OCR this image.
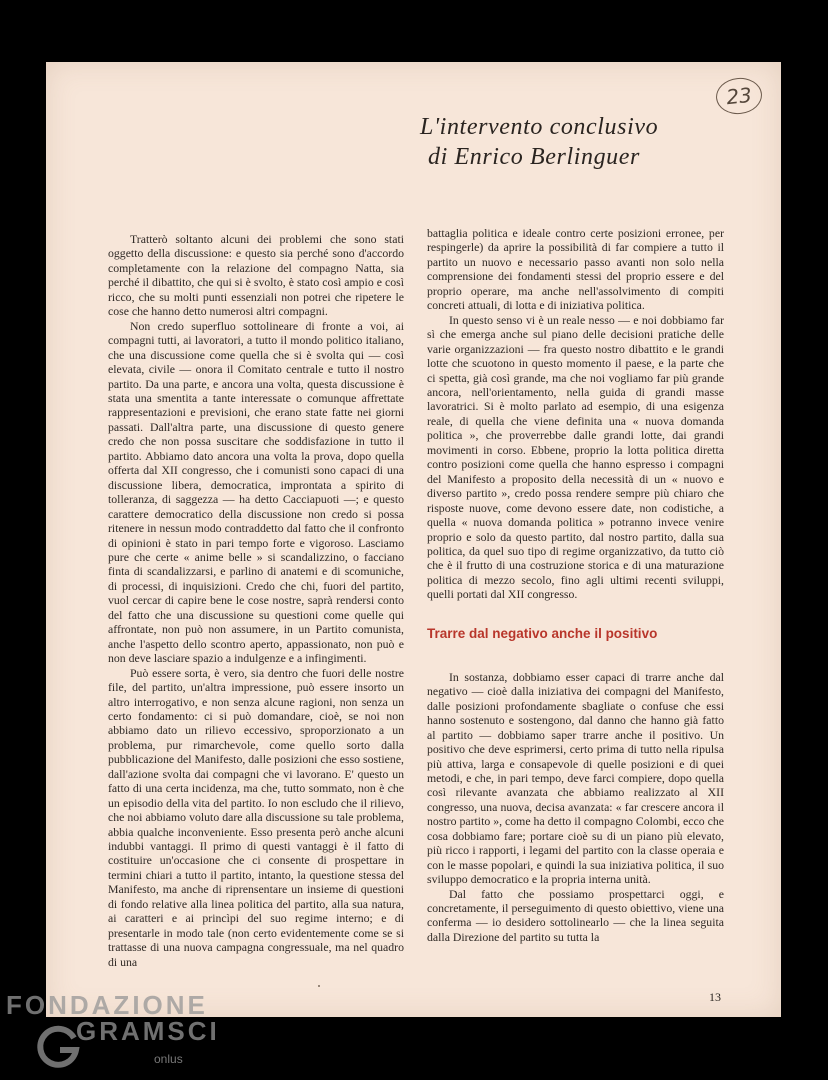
23
L'intervento conclusivo

di Enrico Berlinguer

Tratterò soltanto alcuni dei problemi che sono stati oggetto della discussione: e questo sia perché sono d'accordo completamente con la relazione del compagno Natta, sia perché il dibattito, che qui si è svolto, è stato così ampio e così ricco, che su molti punti essenziali non potrei che ripetere le cose che hanno detto numerosi altri compagni.

Non credo superfluo sottolineare di fronte a voi, ai compagni tutti, ai lavoratori, a tutto il mondo politico italiano, che una discussione come quella che si è svolta qui — così elevata, civile — onora il Comitato centrale e tutto il nostro partito. Da una parte, e ancora una volta, questa discussione è stata una smentita a tante interessate o comunque affrettate rappresentazioni e previsioni, che erano state fatte nei giorni passati. Dall'altra parte, una discussione di questo genere credo che non possa suscitare che soddisfazione in tutto il partito. Abbiamo dato ancora una volta la prova, dopo quella offerta dal XII congresso, che i comunisti sono capaci di una discussione libera, democratica, improntata a spirito di tolleranza, di saggezza — ha detto Cacciapuoti —; e questo carattere democratico della discussione non credo si possa ritenere in nessun modo contraddetto dal fatto che il confronto di opinioni è stato in pari tempo forte e vigoroso. Lasciamo pure che certe « anime belle » si scandalizzino, o facciano finta di scandalizzarsi, e parlino di anatemi e di scomuniche, di processi, di inquisizioni. Credo che chi, fuori del partito, vuol cercar di capire bene le cose nostre, saprà rendersi conto del fatto che una discussione su questioni come quelle qui affrontate, non può non assumere, in un Partito comunista, anche l'aspetto dello scontro aperto, appassionato, non può e non deve lasciare spazio a indulgenze e a infingimenti.

Può essere sorta, è vero, sia dentro che fuori delle nostre file, del partito, un'altra impressione, può essere insorto un altro interrogativo, e non senza alcune ragioni, non senza un certo fondamento: ci si può domandare, cioè, se noi non abbiamo dato un rilievo eccessivo, sproporzionato a un problema, pur rimarchevole, come quello sorto dalla pubblicazione del Manifesto, dalle posizioni che esso sostiene, dall'azione svolta dai compagni che vi lavorano. E' questo un fatto di una certa incidenza, ma che, tutto sommato, non è che un episodio della vita del partito. Io non escludo che il rilievo, che noi abbiamo voluto dare alla discussione su tale problema, abbia qualche inconveniente. Esso presenta però anche alcuni indubbi vantaggi. Il primo di questi vantaggi è il fatto di costituire un'occasione che ci consente di prospettare in termini chiari a tutto il partito, intanto, la questione stessa del Manifesto, ma anche di riprensentare un insieme di questioni di fondo relative alla linea politica del partito, alla sua natura, ai caratteri e ai princìpi del suo regime interno; e di presentarle in modo tale (non certo evidentemente come se si trattasse di una nuova campagna congressuale, ma nel quadro di una

battaglia politica e ideale contro certe posizioni erronee, per respingerle) da aprire la possibilità di far compiere a tutto il partito un nuovo e necessario passo avanti non solo nella comprensione dei fondamenti stessi del proprio essere e del proprio operare, ma anche nell'assolvimento di compiti concreti attuali, di lotta e di iniziativa politica.

In questo senso vi è un reale nesso — e noi dobbiamo far sì che emerga anche sul piano delle decisioni pratiche delle varie organizzazioni — fra questo nostro dibattito e le grandi lotte che scuotono in questo momento il paese, e la parte che ci spetta, già così grande, ma che noi vogliamo far più grande ancora, nell'orientamento, nella guida di grandi masse lavoratrici. Si è molto parlato ad esempio, di una esigenza reale, di quella che viene definita una « nuova domanda politica », che proverrebbe dalle grandi lotte, dai grandi movimenti in corso. Ebbene, proprio la lotta politica diretta contro posizioni come quella che hanno espresso i compagni del Manifesto a proposito della necessità di un « nuovo e diverso partito », credo possa rendere sempre più chiaro che risposte nuove, come devono essere date, non codistiche, a quella « nuova domanda politica » potranno invece venire proprio e solo da questo partito, dal nostro partito, dalla sua politica, da quel suo tipo di regime organizzativo, da tutto ciò che è il frutto di una costruzione storica e di una maturazione politica di mezzo secolo, fino agli ultimi recenti sviluppi, quelli portati dal XII congresso.

Trarre dal negativo anche il positivo

In sostanza, dobbiamo esser capaci di trarre anche dal negativo — cioè dalla iniziativa dei compagni del Manifesto, dalle posizioni profondamente sbagliate o confuse che essi hanno sostenuto e sostengono, dal danno che hanno già fatto al partito — dobbiamo saper trarre anche il positivo. Un positivo che deve esprimersi, certo prima di tutto nella ripulsa più attiva, larga e consapevole di quelle posizioni e di quei metodi, e che, in pari tempo, deve farci compiere, dopo quella così rilevante avanzata che abbiamo realizzato al XII congresso, una nuova, decisa avanzata: « far crescere ancora il nostro partito », come ha detto il compagno Colombi, ecco che cosa dobbiamo fare; portare cioè su di un piano più elevato, più ricco i rapporti, i legami del partito con la classe operaia e con le masse popolari, e quindi la sua iniziativa politica, il suo sviluppo democratico e la propria interna unità.

Dal fatto che possiamo prospettarci oggi, e concretamente, il perseguimento di questo obiettivo, viene una conferma — io desidero sottolinearlo — che la linea seguita dalla Direzione del partito su tutta la

13
FONDAZIONE
GRAMSCI
onlus
